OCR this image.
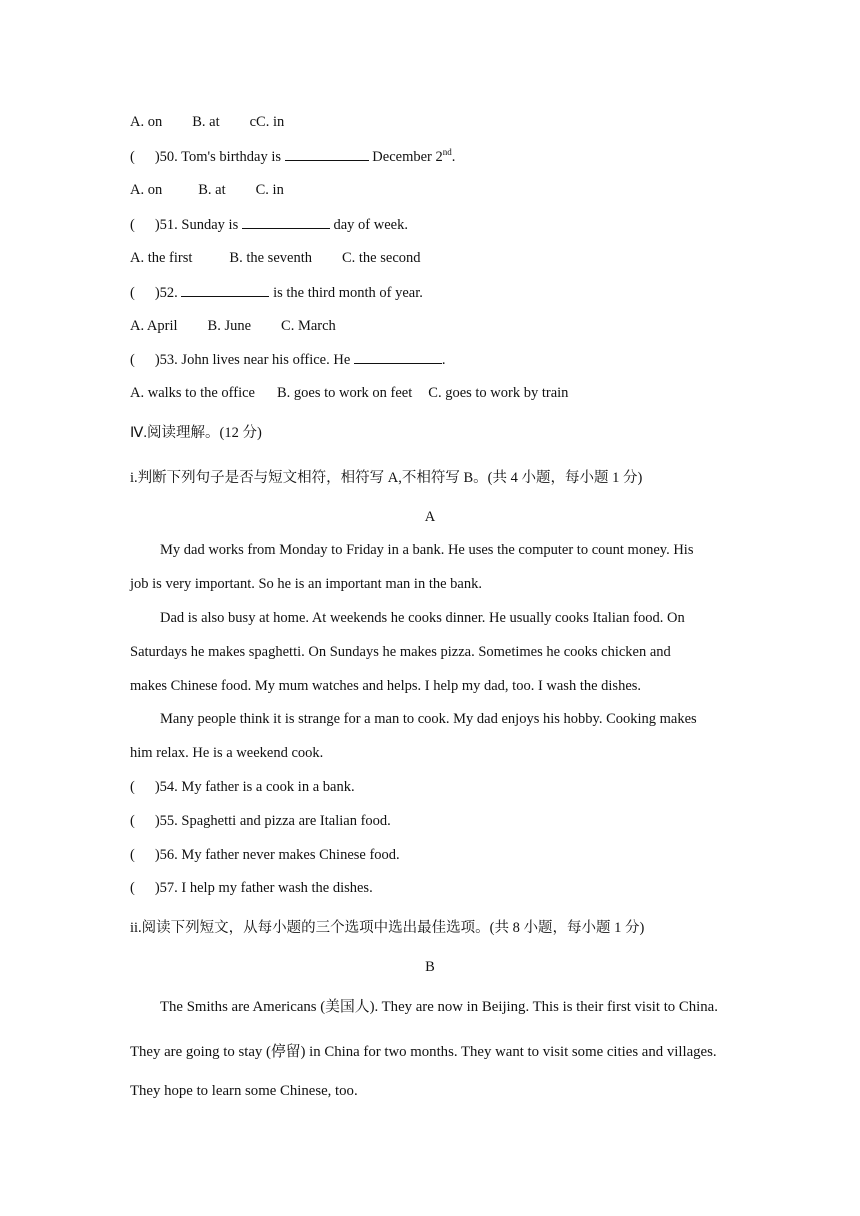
A. on B. at cC. in
( )50. Tom's birthday is	December 2nd.
A. on B. at C. in
( )51. Sunday is	day of week.
A. the first	B. the seventh C. the second
( )52.	is the third month of year.
A. April B. June C. March
( )53. John lives near his office. He	.
A. walks to the office B. goes to work on feet C. goes to work by train
Ⅳ.阅读理解。(12 分)
i.判断下列句子是否与短文相符，相符写 A,不相符写 B。(共 4 小题，每小题 1 分)
A
My dad works from Monday to Friday in a bank. He uses the computer to count money. His
job is very important. So he is an important man in the bank.
Dad is also busy at home. At weekends he cooks dinner. He usually cooks Italian food. On
Saturdays he makes spaghetti. On Sundays he makes pizza. Sometimes he cooks chicken and
makes Chinese food. My mum watches and helps. I help my dad, too. I wash the dishes.
Many people think it is strange for a man to cook. My dad enjoys his hobby. Cooking makes
him relax. He is a weekend cook.
( )54. My father is a cook in a bank.
( )55. Spaghetti and pizza are Italian food.
( )56. My father never makes Chinese food.
( )57. I help my father wash the dishes.
ii.阅读下列短文，从每小题的三个选项中选出最佳选项。(共 8 小题，每小题 1 分)
B
The Smiths are Americans (美国人). They are now in Beijing. This is their first visit to China.
They are going to stay (停留) in China for two months. They want to visit some cities and villages.
They hope to learn some Chinese, too.
